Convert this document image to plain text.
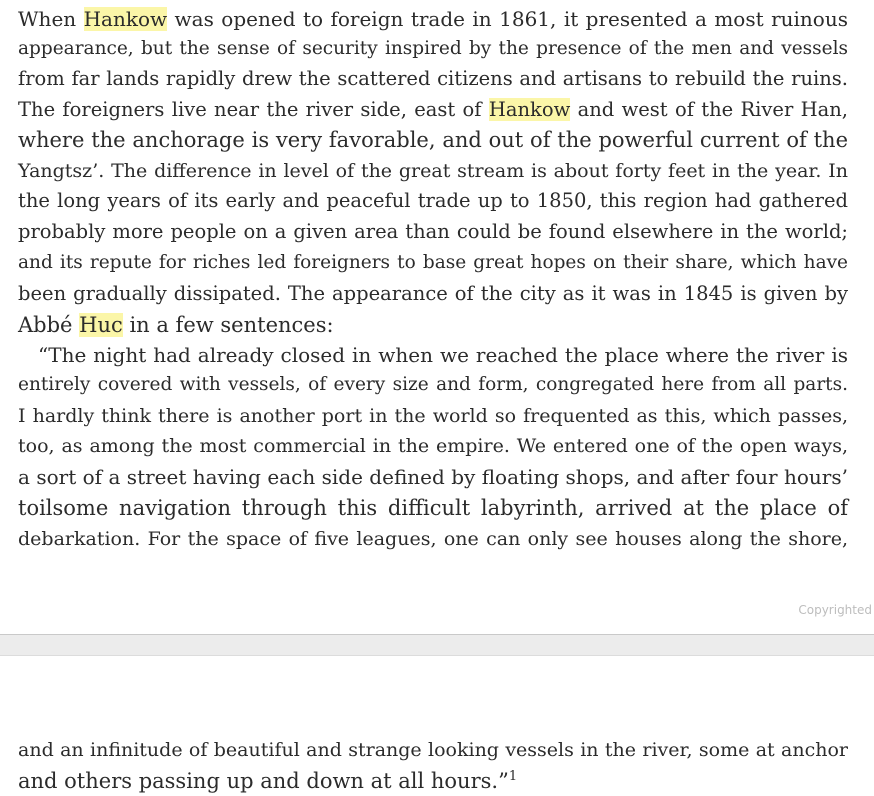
When Hankow was opened to foreign trade in 1861, it presented a most ruinous
appearance, but the sense of security inspired by the presence of the men and vessels
from far lands rapidly drew the scattered citizens and artisans to rebuild the ruins.
The foreigners live near the river side, east of Hankow and west of the River Han,
where the anchorage is very favorable, and out of the powerful current of the
Yangtsz’. The difference in level of the great stream is about forty feet in the year. In
the long years of its early and peaceful trade up to 1850, this region had gathered
probably more people on a given area than could be found elsewhere in the world;
and its repute for riches led foreigners to base great hopes on their share, which have
been gradually dissipated. The appearance of the city as it was in 1845 is given by
Abbé Huc in a few sentences:
“The night had already closed in when we reached the place where the river is
entirely covered with vessels, of every size and form, congregated here from all parts.
I hardly think there is another port in the world so frequented as this, which passes,
too, as among the most commercial in the empire. We entered one of the open ways,
a sort of a street having each side defined by floating shops, and after four hours’
toilsome navigation through this difficult labyrinth, arrived at the place of
debarkation. For the space of five leagues, one can only see houses along the shore,
Copyrighted
and an infinitude of beautiful and strange looking vessels in the river, some at anchor
and others passing up and down at all hours.”$^1$
